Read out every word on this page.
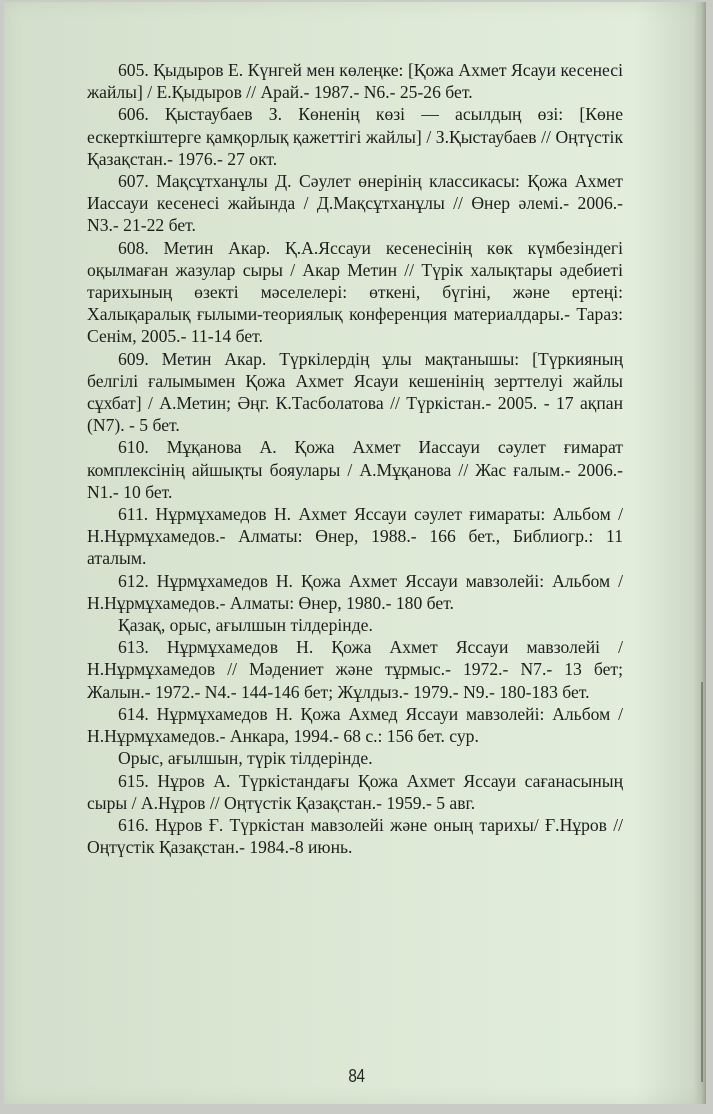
605. Қыдыров Е. Күнгей мен көлеңке: [Қожа Ахмет Ясауи кесенесі жайлы] / Е.Қыдыров // Арай.- 1987.- N6.- 25-26 бет.

606. Қыстаубаев З. Көненің көзі — асылдың өзі: [Көне ескерткіштерге қамқорлық қажеттігі жайлы] / З.Қыстаубаев // Оңтүстік Қазақстан.- 1976.- 27 окт.

607. Мақсұтханұлы Д. Сәулет өнерінің классикасы: Қожа Ахмет Иассауи кесенесі жайында / Д.Мақсұтханұлы // Өнер әлемі.- 2006.- N3.- 21-22 бет.

608. Метин Акар. Қ.А.Яссауи кесенесінің көк күмбезіндегі оқылмаған жазулар сыры / Акар Метин // Түрік халықтары әдебиеті тарихының өзекті мәселелері: өткені, бүгіні, және ертеңі: Халықаралық ғылыми-теориялық конференция материалдары.- Тараз: Сенім, 2005.- 11-14 бет.

609. Метин Акар. Түркілердің ұлы мақтанышы: [Түркияның белгілі ғалымымен Қожа Ахмет Ясауи кешенінің зерттелуі жайлы сұхбат] / А.Метин; Әңг. К.Тасболатова // Түркістан.- 2005. - 17 ақпан (N7). - 5 бет.

610. Мұқанова А. Қожа Ахмет Иассауи сәулет ғимарат комплексінің айшықты бояулары / А.Мұқанова // Жас ғалым.- 2006.- N1.- 10 бет.

611. Нұрмұхамедов Н. Ахмет Яссауи сәулет ғимараты: Альбом / Н.Нұрмұхамедов.- Алматы: Өнер, 1988.- 166 бет., Библиогр.: 11 аталым.

612. Нұрмұхамедов Н. Қожа Ахмет Яссауи мавзолейі: Альбом / Н.Нұрмұхамедов.- Алматы: Өнер, 1980.- 180 бет.

Қазақ, орыс, ағылшын тілдерінде.

613. Нұрмұхамедов Н. Қожа Ахмет Яссауи мавзолейі / Н.Нұрмұхамедов // Мәдениет және тұрмыс.- 1972.- N7.- 13 бет; Жалын.- 1972.- N4.- 144-146 бет; Жұлдыз.- 1979.- N9.- 180-183 бет.

614. Нұрмұхамедов Н. Қожа Ахмед Яссауи мавзолейі: Альбом / Н.Нұрмұхамедов.- Анкара, 1994.- 68 с.: 156 бет. сур.

Орыс, ағылшын, түрік тілдерінде.

615. Нұров А. Түркістандағы Қожа Ахмет Яссауи сағанасының сыры / А.Нұров // Оңтүстік Қазақстан.- 1959.- 5 авг.

616. Нұров Ғ. Түркістан мавзолейі және оның тарихы/ Ғ.Нұров // Оңтүстік Қазақстан.- 1984.-8 июнь.

84
